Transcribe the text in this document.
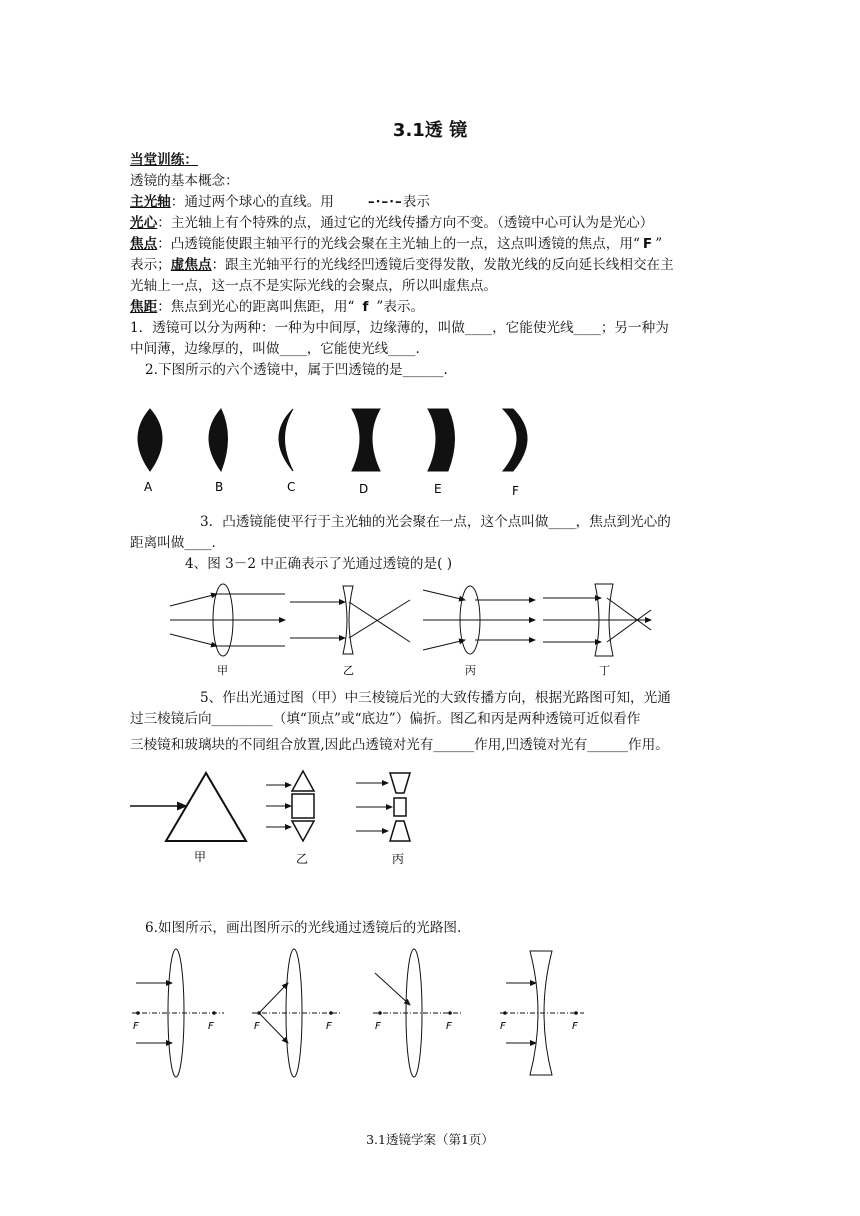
3.1透 镜
当堂训练：
透镜的基本概念：
主光轴：通过两个球心的直线。用	–·–·–表示
光心：主光轴上有个特殊的点，通过它的光线传播方向不变。（透镜中心可认为是光心）
焦点：凸透镜能使跟主轴平行的光线会聚在主光轴上的一点，这点叫透镜的焦点，用“ F ”
表示；虚焦点：跟主光轴平行的光线经凹透镜后变得发散，发散光线的反向延长线相交在主
光轴上一点，这一点不是实际光线的会聚点，所以叫虚焦点。
焦距：焦点到光心的距离叫焦距，用“ f ”表示。
1．透镜可以分为两种：一种为中间厚，边缘薄的，叫做____，它能使光线____；另一种为
中间薄，边缘厚的，叫做____，它能使光线____.
2.下图所示的六个透镜中，属于凹透镜的是______.
A	B	C	D	E	F
3．凸透镜能使平行于主光轴的光会聚在一点，这个点叫做____，焦点到光心的
距离叫做____.
4、图 3－2 中正确表示了光通过透镜的是( )
甲	乙	丙	丁
5、作出光通过图（甲）中三棱镜后光的大致传播方向，根据光路图可知，光通
过三棱镜后向_________（填“顶点”或“底边”）偏折。图乙和丙是两种透镜可近似看作
三棱镜和玻璃块的不同组合放置,因此凸透镜对光有______作用,凹透镜对光有______作用。
甲	乙	丙
6.如图所示，画出图所示的光线通过透镜后的光路图.
F	F	F	F	F	F	F	F
3.1透镜学案（第1页）
